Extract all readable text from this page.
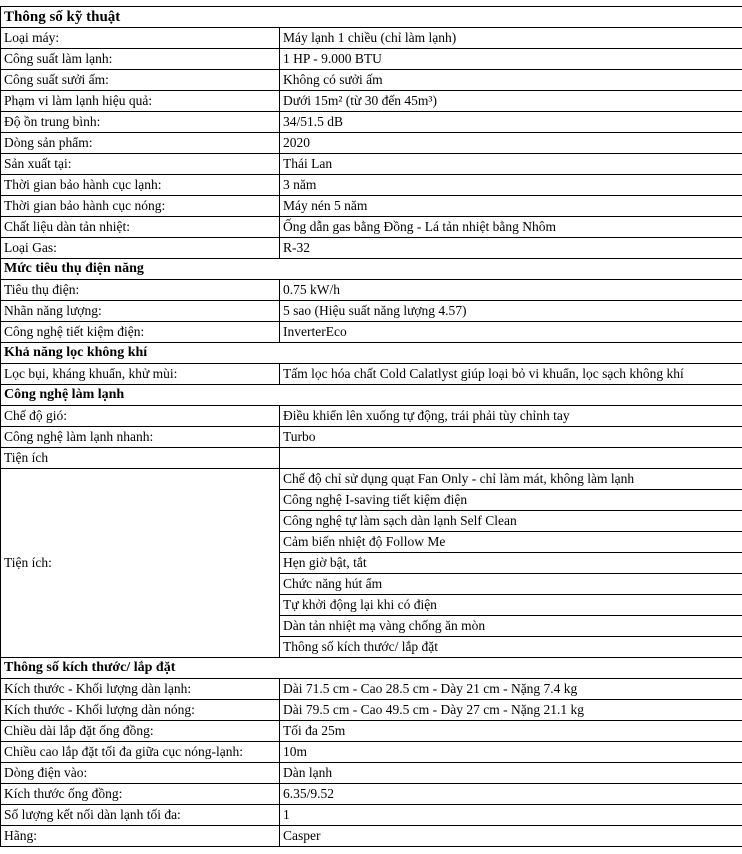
Thông số kỹ thuật	
Loại máy:	Máy lạnh 1 chiều (chỉ làm lạnh)
Công suất làm lạnh:	1 HP - 9.000 BTU
Công suất sưởi ấm:	Không có sưởi ấm
Phạm vi làm lạnh hiệu quả:	Dưới 15m² (từ 30 đến 45m³)
Độ ồn trung bình:	34/51.5 dB
Dòng sản phẩm:	2020
Sản xuất tại:	Thái Lan
Thời gian bảo hành cục lạnh:	3 năm
Thời gian bảo hành cục nóng:	Máy nén 5 năm
Chất liệu dàn tản nhiệt:	Ống dẫn gas bằng Đồng - Lá tản nhiệt bằng Nhôm
Loại Gas:	R-32
Mức tiêu thụ điện năng	
Tiêu thụ điện:	0.75 kW/h
Nhãn năng lượng:	5 sao (Hiệu suất năng lượng 4.57)
Công nghệ tiết kiệm điện:	InverterEco
Khả năng lọc không khí	
Lọc bụi, kháng khuẩn, khử mùi:	Tấm lọc hóa chất Cold Calatlyst giúp loại bỏ vi khuẩn, lọc sạch không khí
Công nghệ làm lạnh	
Chế độ gió:	Điều khiển lên xuống tự động, trái phải tùy chỉnh tay
Công nghệ làm lạnh nhanh:	Turbo
Tiện ích	
Tiện ích:	Chế độ chỉ sử dụng quạt Fan Only - chỉ làm mát, không làm lạnh
	Công nghệ I-saving tiết kiệm điện
	Công nghệ tự làm sạch dàn lạnh Self Clean
	Cảm biến nhiệt độ Follow Me
	Hẹn giờ bật, tắt
	Chức năng hút ẩm
	Tự khởi động lại khi có điện
	Dàn tản nhiệt mạ vàng chống ăn mòn
	Thông số kích thước/ lắp đặt
Thông số kích thước/ lắp đặt	
Kích thước - Khối lượng dàn lạnh:	Dài 71.5 cm - Cao 28.5 cm - Dày 21 cm - Nặng 7.4 kg
Kích thước - Khối lượng dàn nóng:	Dài 79.5 cm - Cao 49.5 cm - Dày 27 cm - Nặng 21.1 kg
Chiều dài lắp đặt ống đồng:	Tối đa 25m
Chiều cao lắp đặt tối đa giữa cục nóng-lạnh:	10m
Dòng điện vào:	Dàn lạnh
Kích thước ống đồng:	6.35/9.52
Số lượng kết nối dàn lạnh tối đa:	1
Hãng:	Casper
